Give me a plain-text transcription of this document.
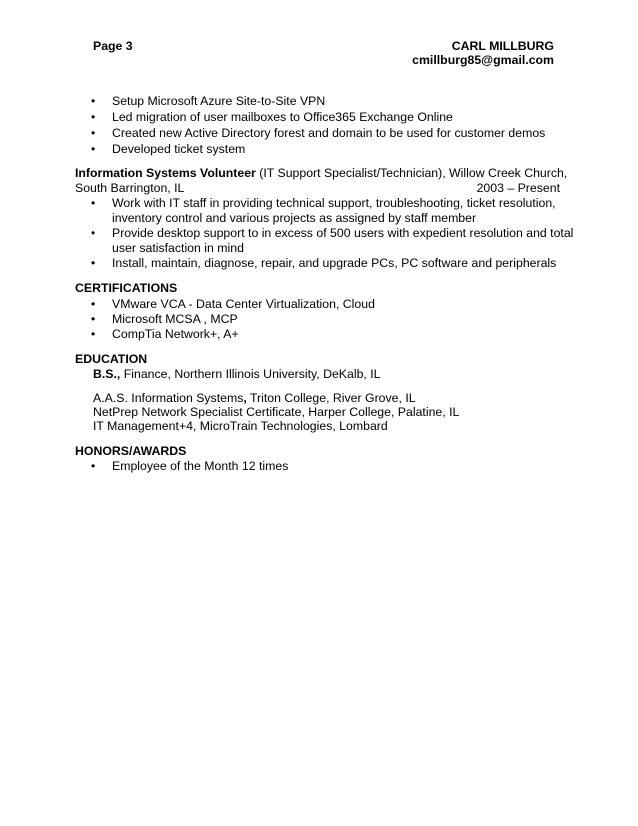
Page 3	CARL MILLBURG
cmillburg85@gmail.com
• Setup Microsoft Azure Site-to-Site VPN
• Led migration of user mailboxes to Office365 Exchange Online
• Created new Active Directory forest and domain to be used for customer demos
• Developed ticket system
Information Systems Volunteer (IT Support Specialist/Technician), Willow Creek Church,
South Barrington, IL	2003 – Present
• Work with IT staff in providing technical support, troubleshooting, ticket resolution,
inventory control and various projects as assigned by staff member
• Provide desktop support to in excess of 500 users with expedient resolution and total
user satisfaction in mind
• Install, maintain, diagnose, repair, and upgrade PCs, PC software and peripherals
CERTIFICATIONS
• VMware VCA - Data Center Virtualization, Cloud
• Microsoft MCSA , MCP
• CompTia Network+, A+
EDUCATION
B.S., Finance, Northern Illinois University, DeKalb, IL
A.A.S. Information Systems, Triton College, River Grove, IL
NetPrep Network Specialist Certificate, Harper College, Palatine, IL
IT Management+4, MicroTrain Technologies, Lombard
HONORS/AWARDS
• Employee of the Month 12 times
